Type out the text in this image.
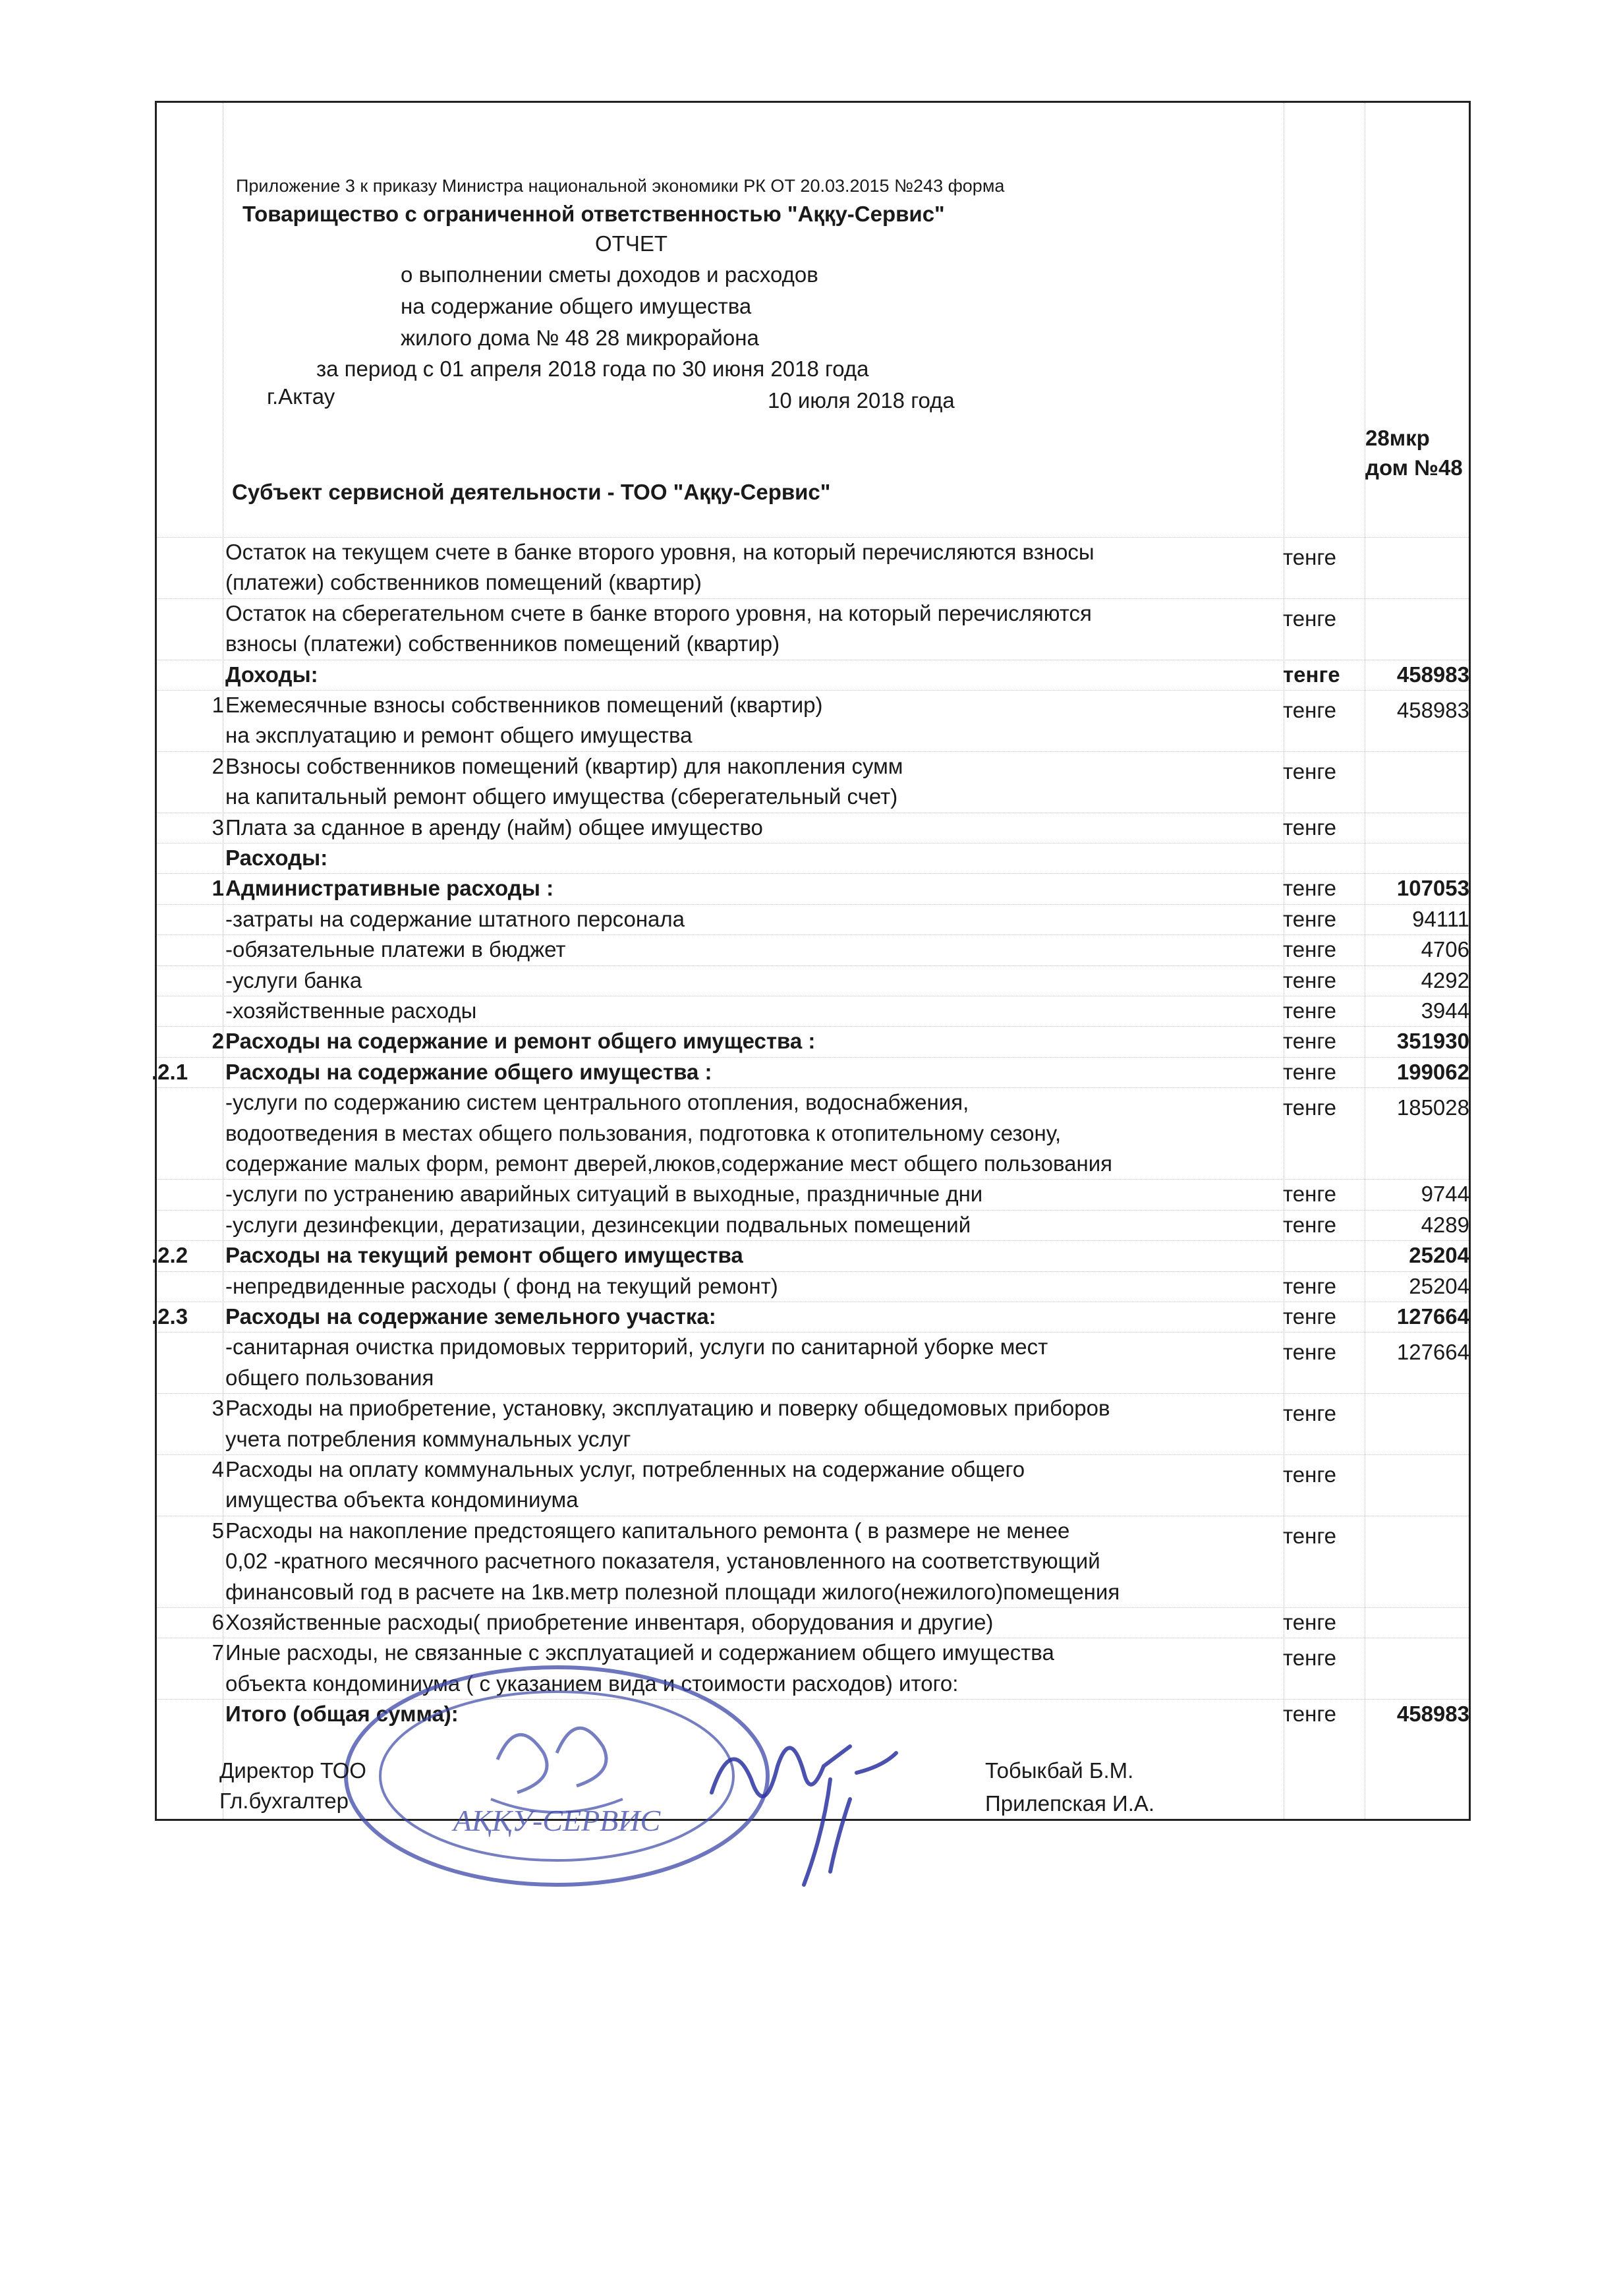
Приложение 3 к приказу Министра национальной экономики РК ОТ 20.03.2015 №243 форма
Товарищество с ограниченной ответственностью "Аққу-Сервис"
ОТЧЕТ
о выполнении сметы доходов и расходов
на содержание общего имущества
жилого дома № 48 28 микрорайона
за период с 01 апреля 2018 года по 30 июня 2018 года
г.Актау	10 июля 2018 года
28мкр
дом №48
Субъект сервисной деятельности - ТОО "Аққу-Сервис"
Остаток на текущем счете в банке второго уровня, на который перечисляются взносы
(платежи) собственников помещений (квартир)
тенге
Остаток на сберегательном счете в банке второго уровня, на который перечисляются
взносы (платежи) собственников помещений (квартир)
тенге
Доходы:	тенге	458983
1 Ежемесячные взносы собственников помещений (квартир)
на эксплуатацию и ремонт общего имущества
тенге	458983
2 Взносы собственников помещений (квартир) для накопления сумм
на капитальный ремонт общего имущества (сберегательный счет)
тенге
3 Плата за сданное в аренду (найм) общее имущество	тенге
Расходы:
1 Административные расходы :	тенге	107053
-затраты на содержание штатного персонала	тенге	94111
-обязательные платежи в бюджет	тенге	4706
-услуги банка	тенге	4292
-хозяйственные расходы	тенге	3944
2 Расходы на содержание и ремонт общего имущества :	тенге	351930
.2.1	Расходы на содержание общего имущества :	тенге	199062
-услуги по содержанию систем центрального отопления, водоснабжения,
водоотведения в местах общего пользования, подготовка к отопительному сезону,
содержание малых форм, ремонт дверей,люков,содержание мест общего пользования
тенге	185028
-услуги по устранению аварийных ситуаций в выходные, праздничные дни	тенге	9744
-услуги дезинфекции, дератизации, дезинсекции подвальных помещений	тенге	4289
.2.2	Расходы на текущий ремонт общего имущества	25204
-непредвиденные расходы ( фонд на текущий ремонт)	тенге	25204
.2.3	Расходы на содержание земельного участка:	тенге	127664
-санитарная очистка придомовых территорий, услуги по санитарной уборке мест
общего пользования
тенге	127664
3 Расходы на приобретение, установку, эксплуатацию и поверку общедомовых приборов
учета потребления коммунальных услуг
тенге
4 Расходы на оплату коммунальных услуг, потребленных на содержание общего
имущества объекта кондоминиума
тенге
5 Расходы на накопление предстоящего капитального ремонта ( в размере не менее
0,02 -кратного месячного расчетного показателя, установленного на соответствующий
финансовый год в расчете на 1кв.метр полезной площади жилого(нежилого)помещения
тенге
6 Хозяйственные расходы( приобретение инвентаря, оборудования и другие)	тенге
7 Иные расходы, не связанные с эксплуатацией и содержанием общего имущества
объекта кондоминиума ( с указанием вида и стоимости расходов) итого:
тенге
Итого (общая сумма):	тенге	458983
АҚҚУ-СЕРВИС
Директор ТОО	Тобыкбай Б.М.
Гл.бухгалтер	Прилепская И.А.
